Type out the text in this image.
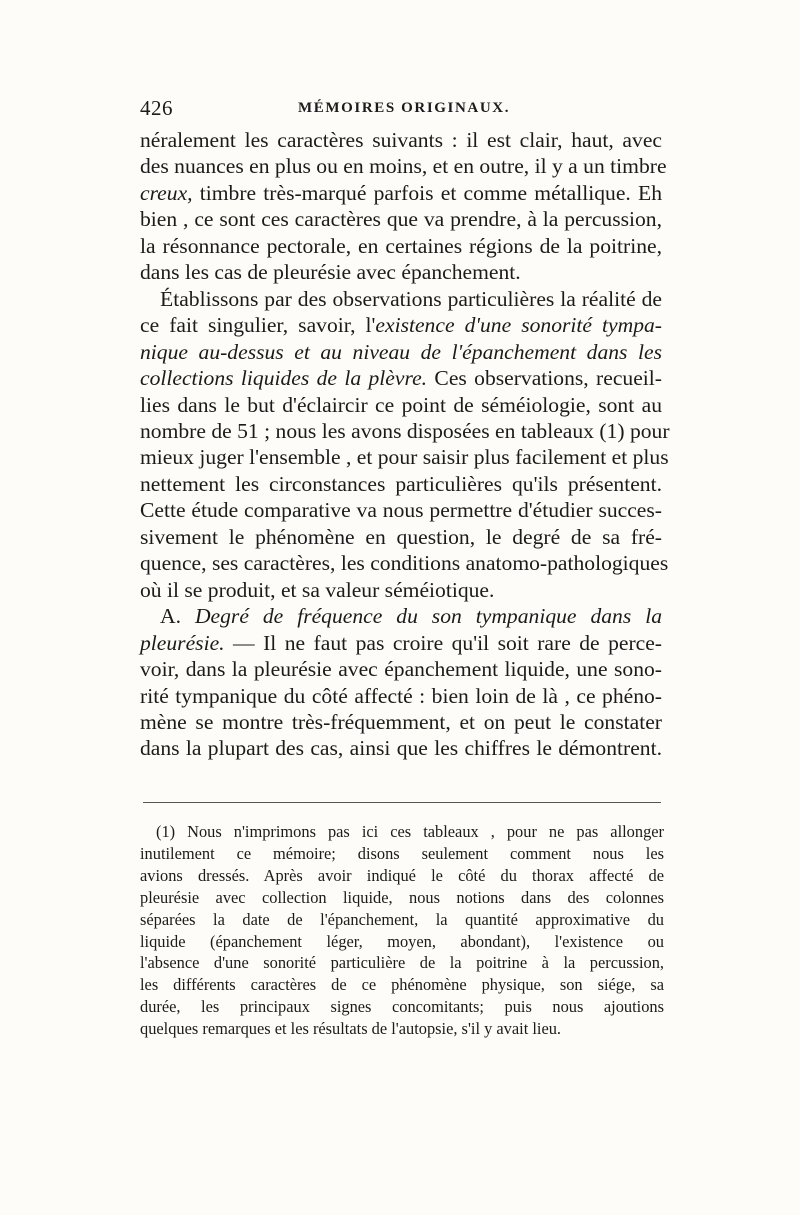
426	MÉMOIRES ORIGINAUX.
néralement les caractères suivants : il est clair, haut, avec
des nuances en plus ou en moins, et en outre, il y a un timbre
creux, timbre très-marqué parfois et comme métallique. Eh
bien , ce sont ces caractères que va prendre, à la percussion,
la résonnance pectorale, en certaines régions de la poitrine,
dans les cas de pleurésie avec épanchement.
Établissons par des observations particulières la réalité de
ce fait singulier, savoir, l'existence d'une sonorité tympa-
nique au-dessus et au niveau de l'épanchement dans les
collections liquides de la plèvre. Ces observations, recueil-
lies dans le but d'éclaircir ce point de séméiologie, sont au
nombre de 51 ; nous les avons disposées en tableaux (1) pour
mieux juger l'ensemble , et pour saisir plus facilement et plus
nettement les circonstances particulières qu'ils présentent.
Cette étude comparative va nous permettre d'étudier succes-
sivement le phénomène en question, le degré de sa fré-
quence, ses caractères, les conditions anatomo-pathologiques
où il se produit, et sa valeur séméiotique.
A. Degré de fréquence du son tympanique dans la
pleurésie. — Il ne faut pas croire qu'il soit rare de perce-
voir, dans la pleurésie avec épanchement liquide, une sono-
rité tympanique du côté affecté : bien loin de là , ce phéno-
mène se montre très-fréquemment, et on peut le constater
dans la plupart des cas, ainsi que les chiffres le démontrent.
(1) Nous n'imprimons pas ici ces tableaux , pour ne pas allonger
inutilement ce mémoire; disons seulement comment nous les
avions dressés. Après avoir indiqué le côté du thorax affecté de
pleurésie avec collection liquide, nous notions dans des colonnes
séparées la date de l'épanchement, la quantité approximative du
liquide (épanchement léger, moyen, abondant), l'existence ou
l'absence d'une sonorité particulière de la poitrine à la percussion,
les différents caractères de ce phénomène physique, son siége, sa
durée, les principaux signes concomitants; puis nous ajoutions
quelques remarques et les résultats de l'autopsie, s'il y avait lieu.
